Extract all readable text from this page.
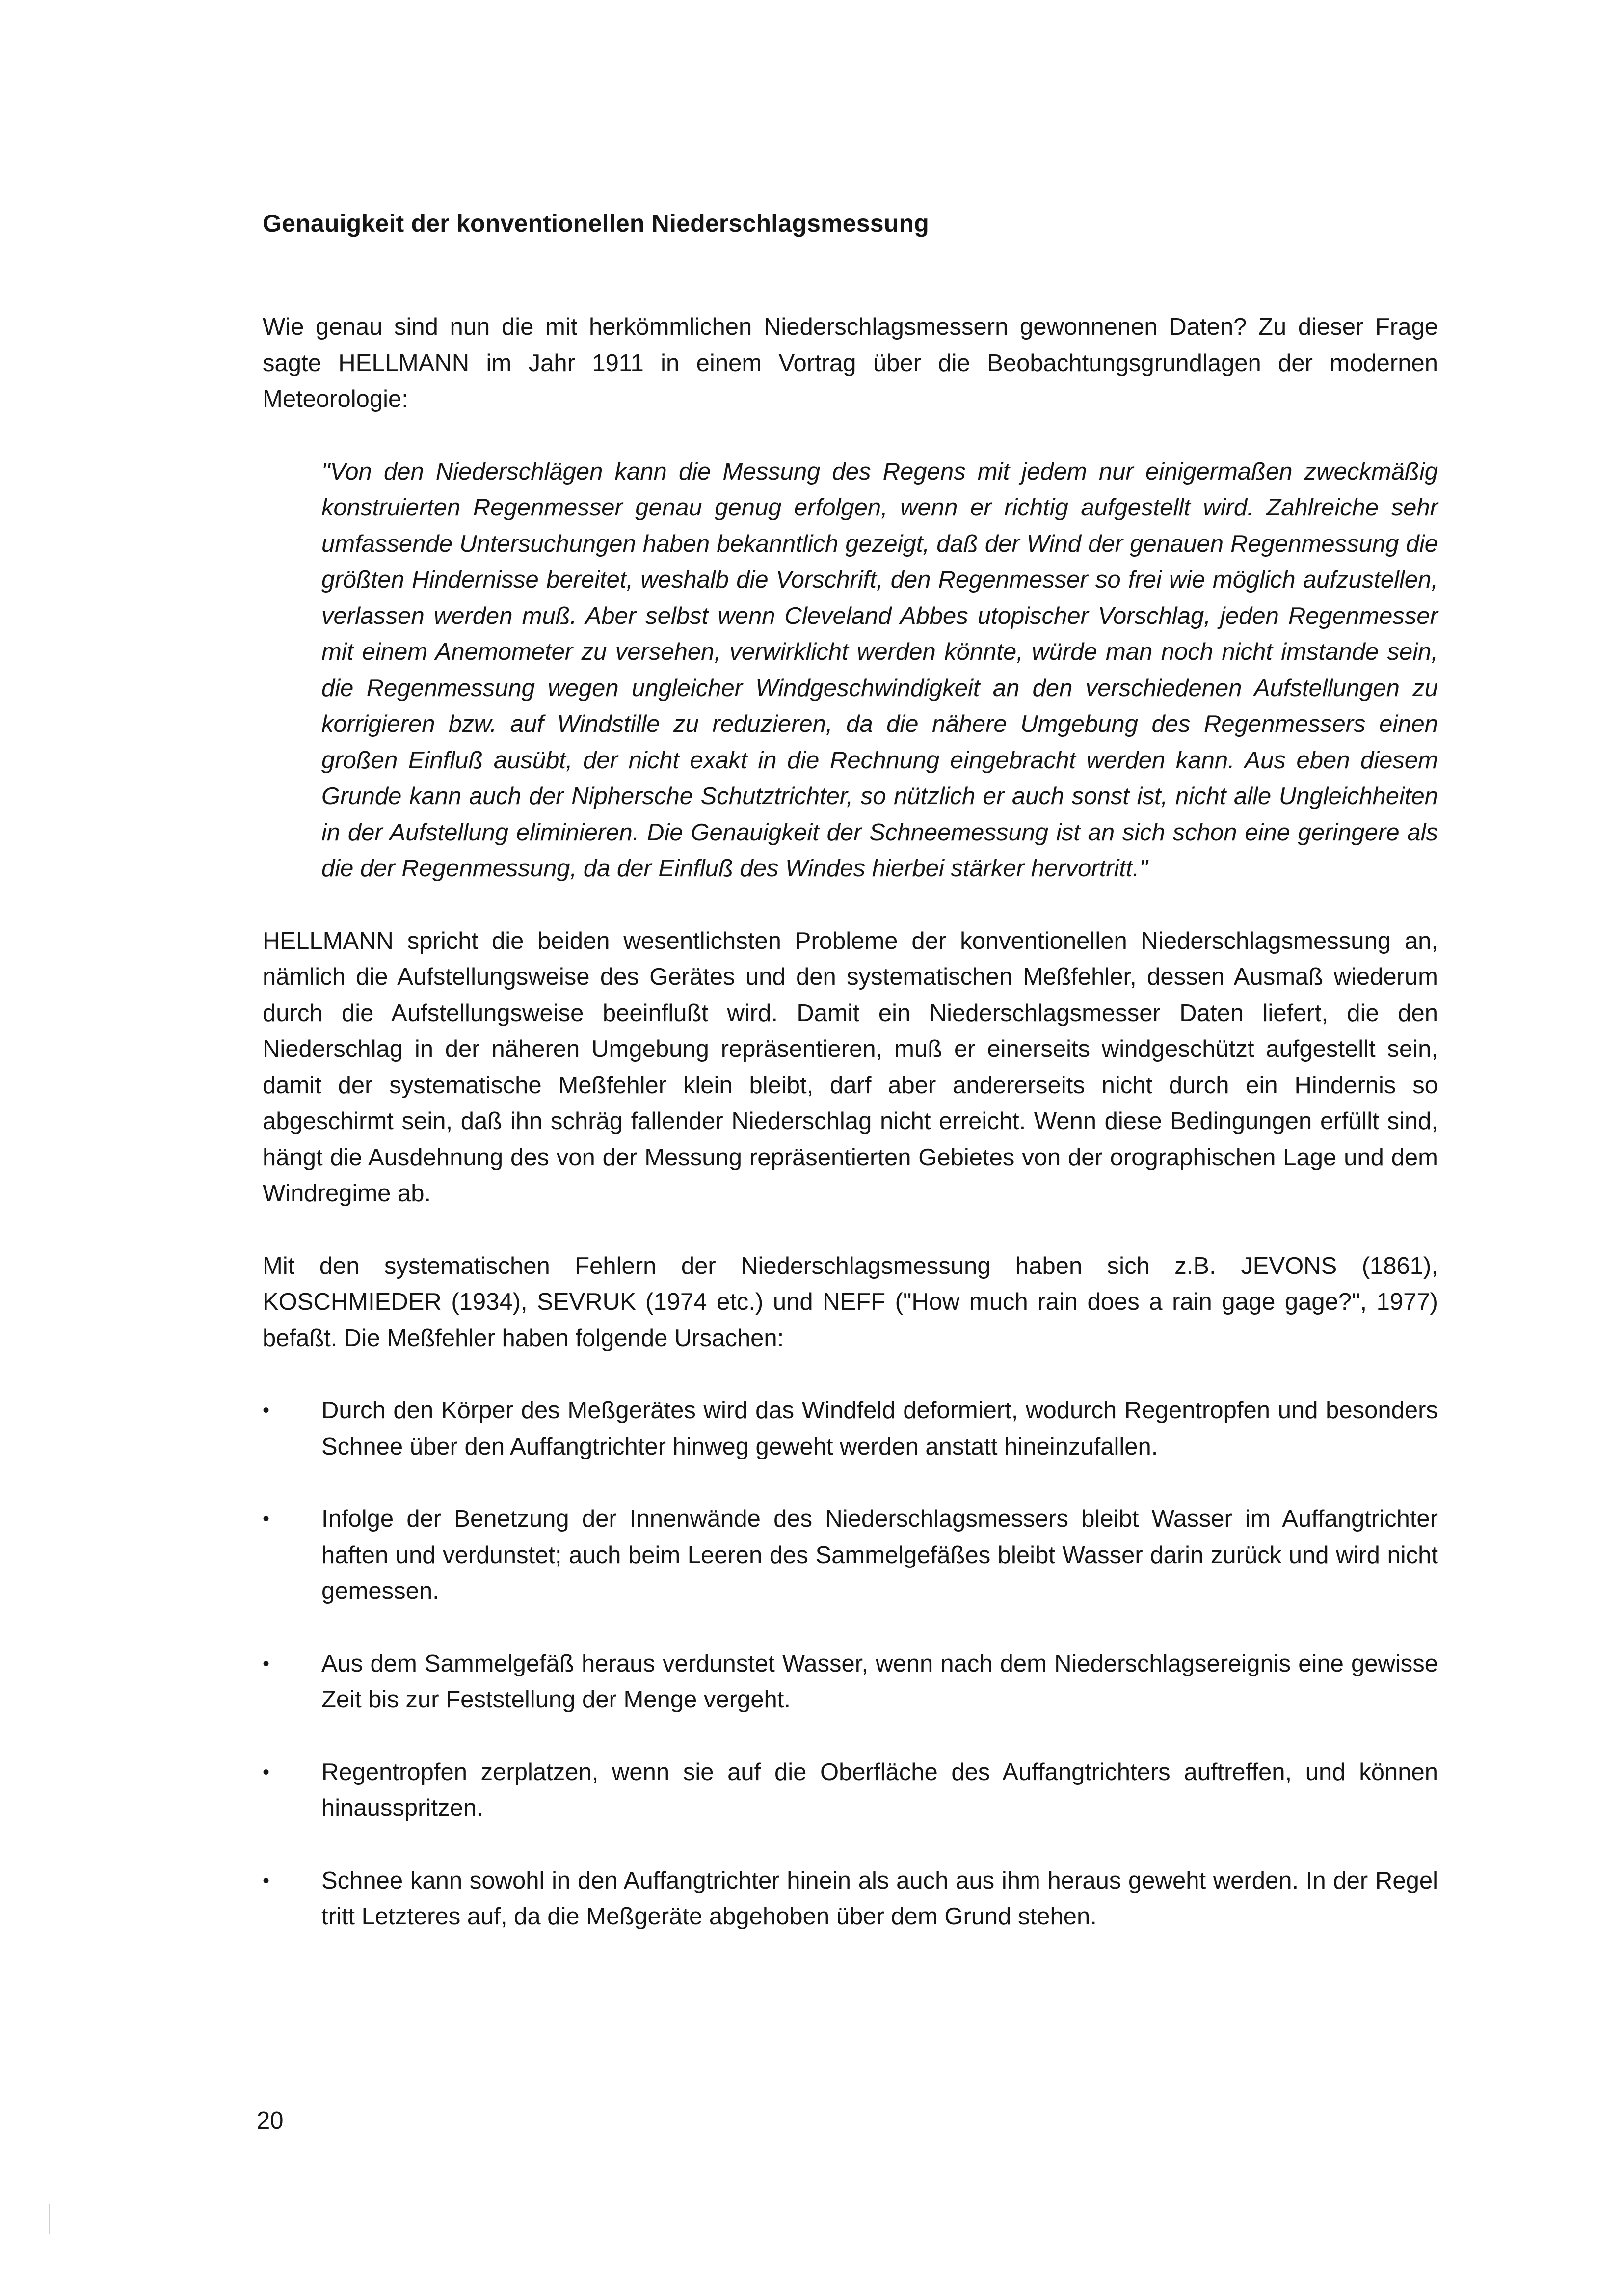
Genauigkeit der konventionellen Niederschlagsmessung

Wie genau sind nun die mit herkömmlichen Niederschlagsmessern gewonnenen Daten? Zu dieser Frage sagte HELLMANN im Jahr 1911 in einem Vortrag über die Beobachtungsgrundlagen der modernen Meteorologie:

"Von den Niederschlägen kann die Messung des Regens mit jedem nur einigermaßen zweckmäßig konstruierten Regenmesser genau genug erfolgen, wenn er richtig aufgestellt wird. Zahlreiche sehr umfassende Untersuchungen haben bekanntlich gezeigt, daß der Wind der genauen Regenmessung die größten Hindernisse bereitet, weshalb die Vorschrift, den Regenmesser so frei wie möglich aufzustellen, verlassen werden muß. Aber selbst wenn Cleveland Abbes utopischer Vorschlag, jeden Regenmesser mit einem Anemometer zu versehen, verwirklicht werden könnte, würde man noch nicht imstande sein, die Regenmessung wegen ungleicher Windgeschwindigkeit an den verschiedenen Aufstellungen zu korrigieren bzw. auf Windstille zu reduzieren, da die nähere Umgebung des Regenmessers einen großen Einfluß ausübt, der nicht exakt in die Rechnung eingebracht werden kann. Aus eben diesem Grunde kann auch der Niphersche Schutztrichter, so nützlich er auch sonst ist, nicht alle Ungleichheiten in der Aufstellung eliminieren. Die Genauigkeit der Schneemessung ist an sich schon eine geringere als die der Regenmessung, da der Einfluß des Windes hierbei stärker hervortritt."

HELLMANN spricht die beiden wesentlichsten Probleme der konventionellen Niederschlagsmessung an, nämlich die Aufstellungsweise des Gerätes und den systematischen Meßfehler, dessen Ausmaß wiederum durch die Aufstellungsweise beeinflußt wird. Damit ein Niederschlagsmesser Daten liefert, die den Niederschlag in der näheren Umgebung repräsentieren, muß er einerseits windgeschützt aufgestellt sein, damit der systematische Meßfehler klein bleibt, darf aber andererseits nicht durch ein Hindernis so abgeschirmt sein, daß ihn schräg fallender Niederschlag nicht erreicht. Wenn diese Bedingungen erfüllt sind, hängt die Ausdehnung des von der Messung repräsentierten Gebietes von der orographischen Lage und dem Windregime ab.

Mit den systematischen Fehlern der Niederschlagsmessung haben sich z.B. JEVONS (1861), KOSCHMIEDER (1934), SEVRUK (1974 etc.) und NEFF ("How much rain does a rain gage gage?", 1977) befaßt. Die Meßfehler haben folgende Ursachen:

•	Durch den Körper des Meßgerätes wird das Windfeld deformiert, wodurch Regentropfen und besonders Schnee über den Auffangtrichter hinweg geweht werden anstatt hineinzufallen.
•	Infolge der Benetzung der Innenwände des Niederschlagsmessers bleibt Wasser im Auffangtrichter haften und verdunstet; auch beim Leeren des Sammelgefäßes bleibt Wasser darin zurück und wird nicht gemessen.
•	Aus dem Sammelgefäß heraus verdunstet Wasser, wenn nach dem Niederschlagsereignis eine gewisse Zeit bis zur Feststellung der Menge vergeht.
•	Regentropfen zerplatzen, wenn sie auf die Oberfläche des Auffangtrichters auftreffen, und können hinausspritzen.
•	Schnee kann sowohl in den Auffangtrichter hinein als auch aus ihm heraus geweht werden. In der Regel tritt Letzteres auf, da die Meßgeräte abgehoben über dem Grund stehen.
20
